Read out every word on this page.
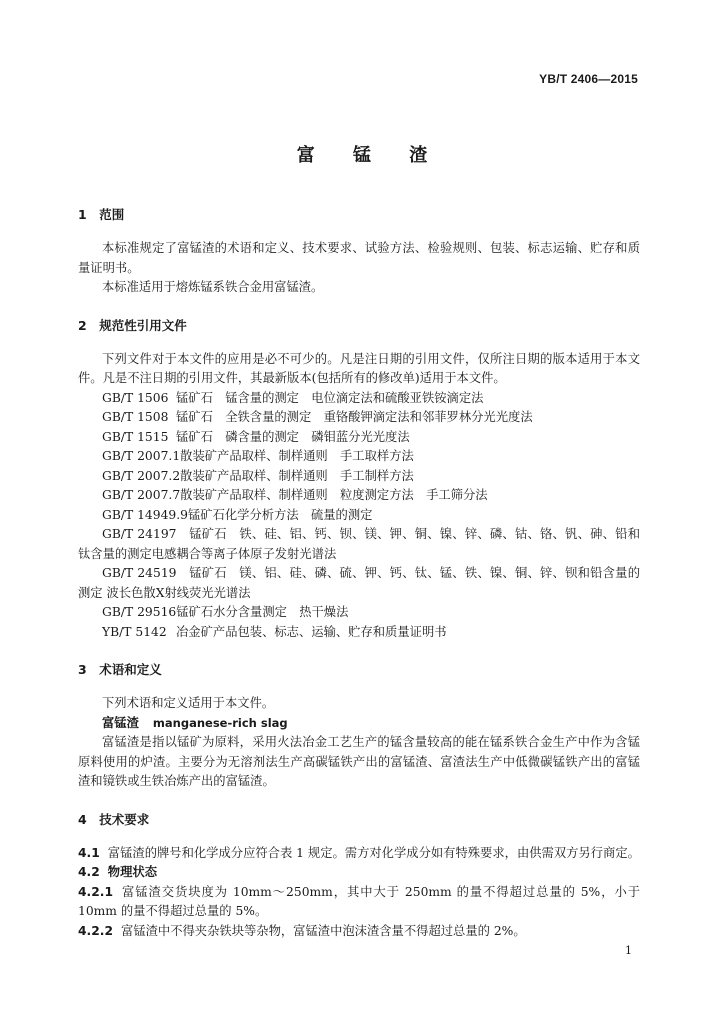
YB/T 2406—2015
富 锰 渣

1　范围

本标准规定了富锰渣的术语和定义、技术要求、试验方法、检验规则、包装、标志运输、贮存和质量证明书。

本标准适用于熔炼锰系铁合金用富锰渣。

2　规范性引用文件

下列文件对于本文件的应用是必不可少的。凡是注日期的引用文件，仅所注日期的版本适用于本文件。凡是不注日期的引用文件，其最新版本(包括所有的修改单)适用于本文件。

GB/T 1506 锰矿石　锰含量的测定　电位滴定法和硫酸亚铁铵滴定法

GB/T 1508 锰矿石　全铁含量的测定　重铬酸钾滴定法和邻菲罗林分光光度法

GB/T 1515 锰矿石　磷含量的测定　磷钼蓝分光光度法

GB/T 2007.1散装矿产品取样、制样通则　手工取样方法

GB/T 2007.2散装矿产品取样、制样通则　手工制样方法

GB/T 2007.7散装矿产品取样、制样通则　粒度测定方法　手工筛分法

GB/T 14949.9锰矿石化学分析方法　硫量的测定

GB/T 24197　锰矿石　铁、硅、铝、钙、钡、镁、钾、铜、镍、锌、磷、钴、铬、钒、砷、铅和钛含量的测定电感耦合等离子体原子发射光谱法

GB/T 24519　锰矿石　镁、铝、硅、磷、硫、钾、钙、钛、锰、铁、镍、铜、锌、钡和铅含量的测定 波长色散X射线荧光光谱法

GB/T 29516锰矿石水分含量测定　热干燥法

YB/T 5142 冶金矿产品包装、标志、运输、贮存和质量证明书

3　术语和定义

下列术语和定义适用于本文件。

富锰渣 manganese-rich slag

富锰渣是指以锰矿为原料，采用火法冶金工艺生产的锰含量较高的能在锰系铁合金生产中作为含锰原料使用的炉渣。主要分为无溶剂法生产高碳锰铁产出的富锰渣、富渣法生产中低微碳锰铁产出的富锰渣和镜铁或生铁冶炼产出的富锰渣。

4　技术要求

4.1 富锰渣的牌号和化学成分应符合表 1 规定。需方对化学成分如有特殊要求，由供需双方另行商定。

4.2 物理状态

4.2.1 富锰渣交货块度为 10mm～250mm，其中大于 250mm 的量不得超过总量的 5%，小于 10mm 的量不得超过总量的 5%。

4.2.2 富锰渣中不得夹杂铁块等杂物，富锰渣中泡沫渣含量不得超过总量的 2%。

1
